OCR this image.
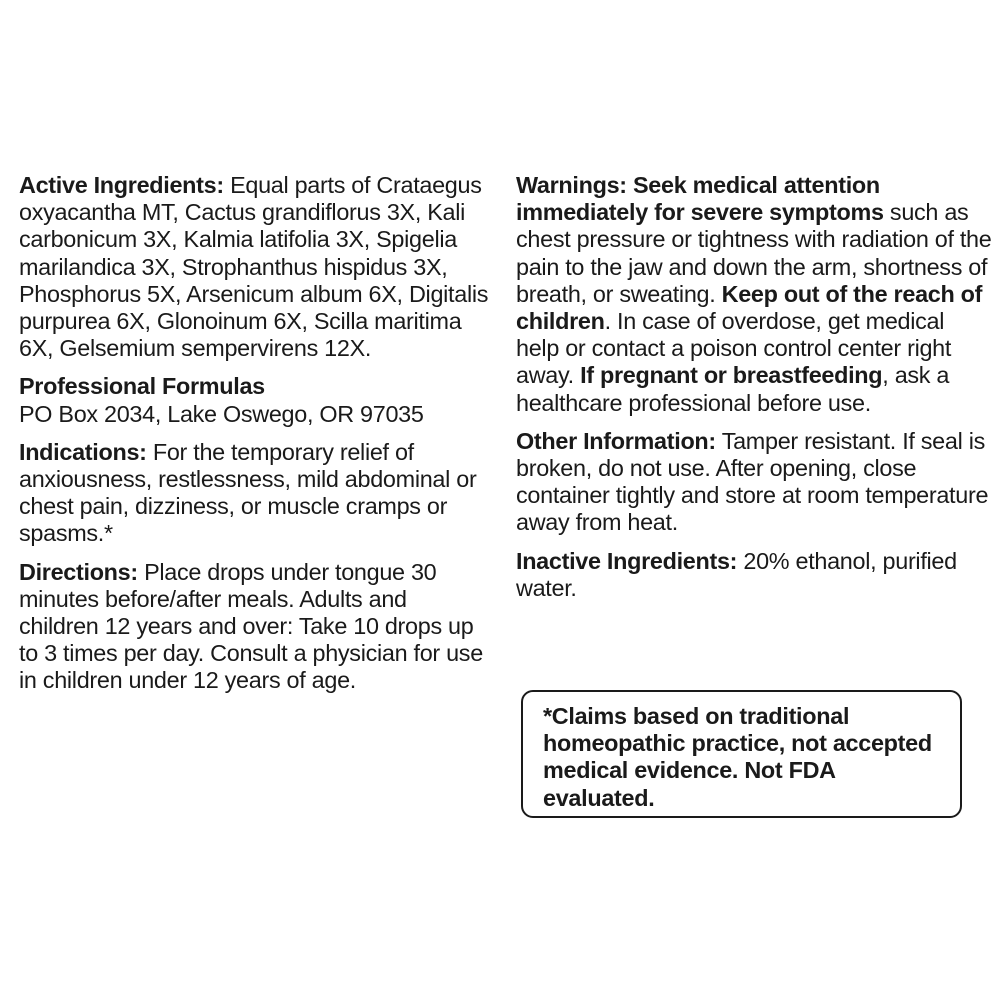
Active Ingredients: Equal parts of Crataegus oxyacantha MT, Cactus grandiflorus 3X, Kali carbonicum 3X, Kalmia latifolia 3X, Spigelia marilandica 3X, Strophanthus hispidus 3X, Phosphorus 5X, Arsenicum album 6X, Digitalis purpurea 6X, Glonoinum 6X, Scilla maritima 6X, Gelsemium sempervirens 12X.

Professional Formulas

PO Box 2034, Lake Oswego, OR 97035

Indications: For the temporary relief of anxiousness, restlessness, mild abdominal or chest pain, dizziness, or muscle cramps or spasms.*

Directions: Place drops under tongue 30 minutes before/after meals. Adults and children 12 years and over: Take 10 drops up to 3 times per day. Consult a physician for use in children under 12 years of age.

Warnings: Seek medical attention immediately for severe symptoms such as chest pressure or tightness with radiation of the pain to the jaw and down the arm, shortness of breath, or sweating. Keep out of the reach of children. In case of overdose, get medical help or contact a poison control center right away. If pregnant or breastfeeding, ask a healthcare professional before use.

Other Information: Tamper resistant. If seal is broken, do not use. After opening, close container tightly and store at room temperature away from heat.

Inactive Ingredients: 20% ethanol, purified water.

*Claims based on traditional homeopathic practice, not accepted medical evidence. Not FDA evaluated.
